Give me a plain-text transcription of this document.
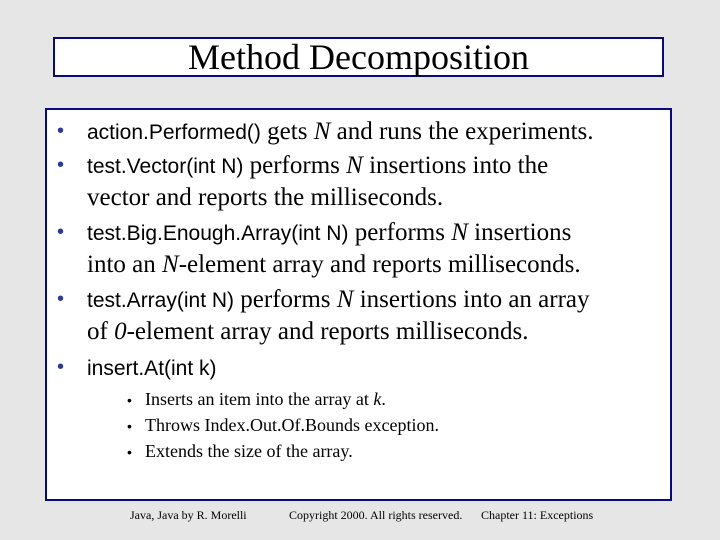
Method Decomposition
• action.Performed() gets N and runs the experiments.
• test.Vector(int N) performs N insertions into the
vector and reports the milliseconds.
• test.Big.Enough.Array(int N) performs N insertions
into an N-element array and reports milliseconds.
• test.Array(int N) performs N insertions into an array
of 0-element array and reports milliseconds.
• insert.At(int k)
• Inserts an item into the array at k.
• Throws Index.Out.Of.Bounds exception.
• Extends the size of the array.
Java, Java by R. Morelli	Copyright 2000. All rights reserved. Chapter 11: Exceptions
